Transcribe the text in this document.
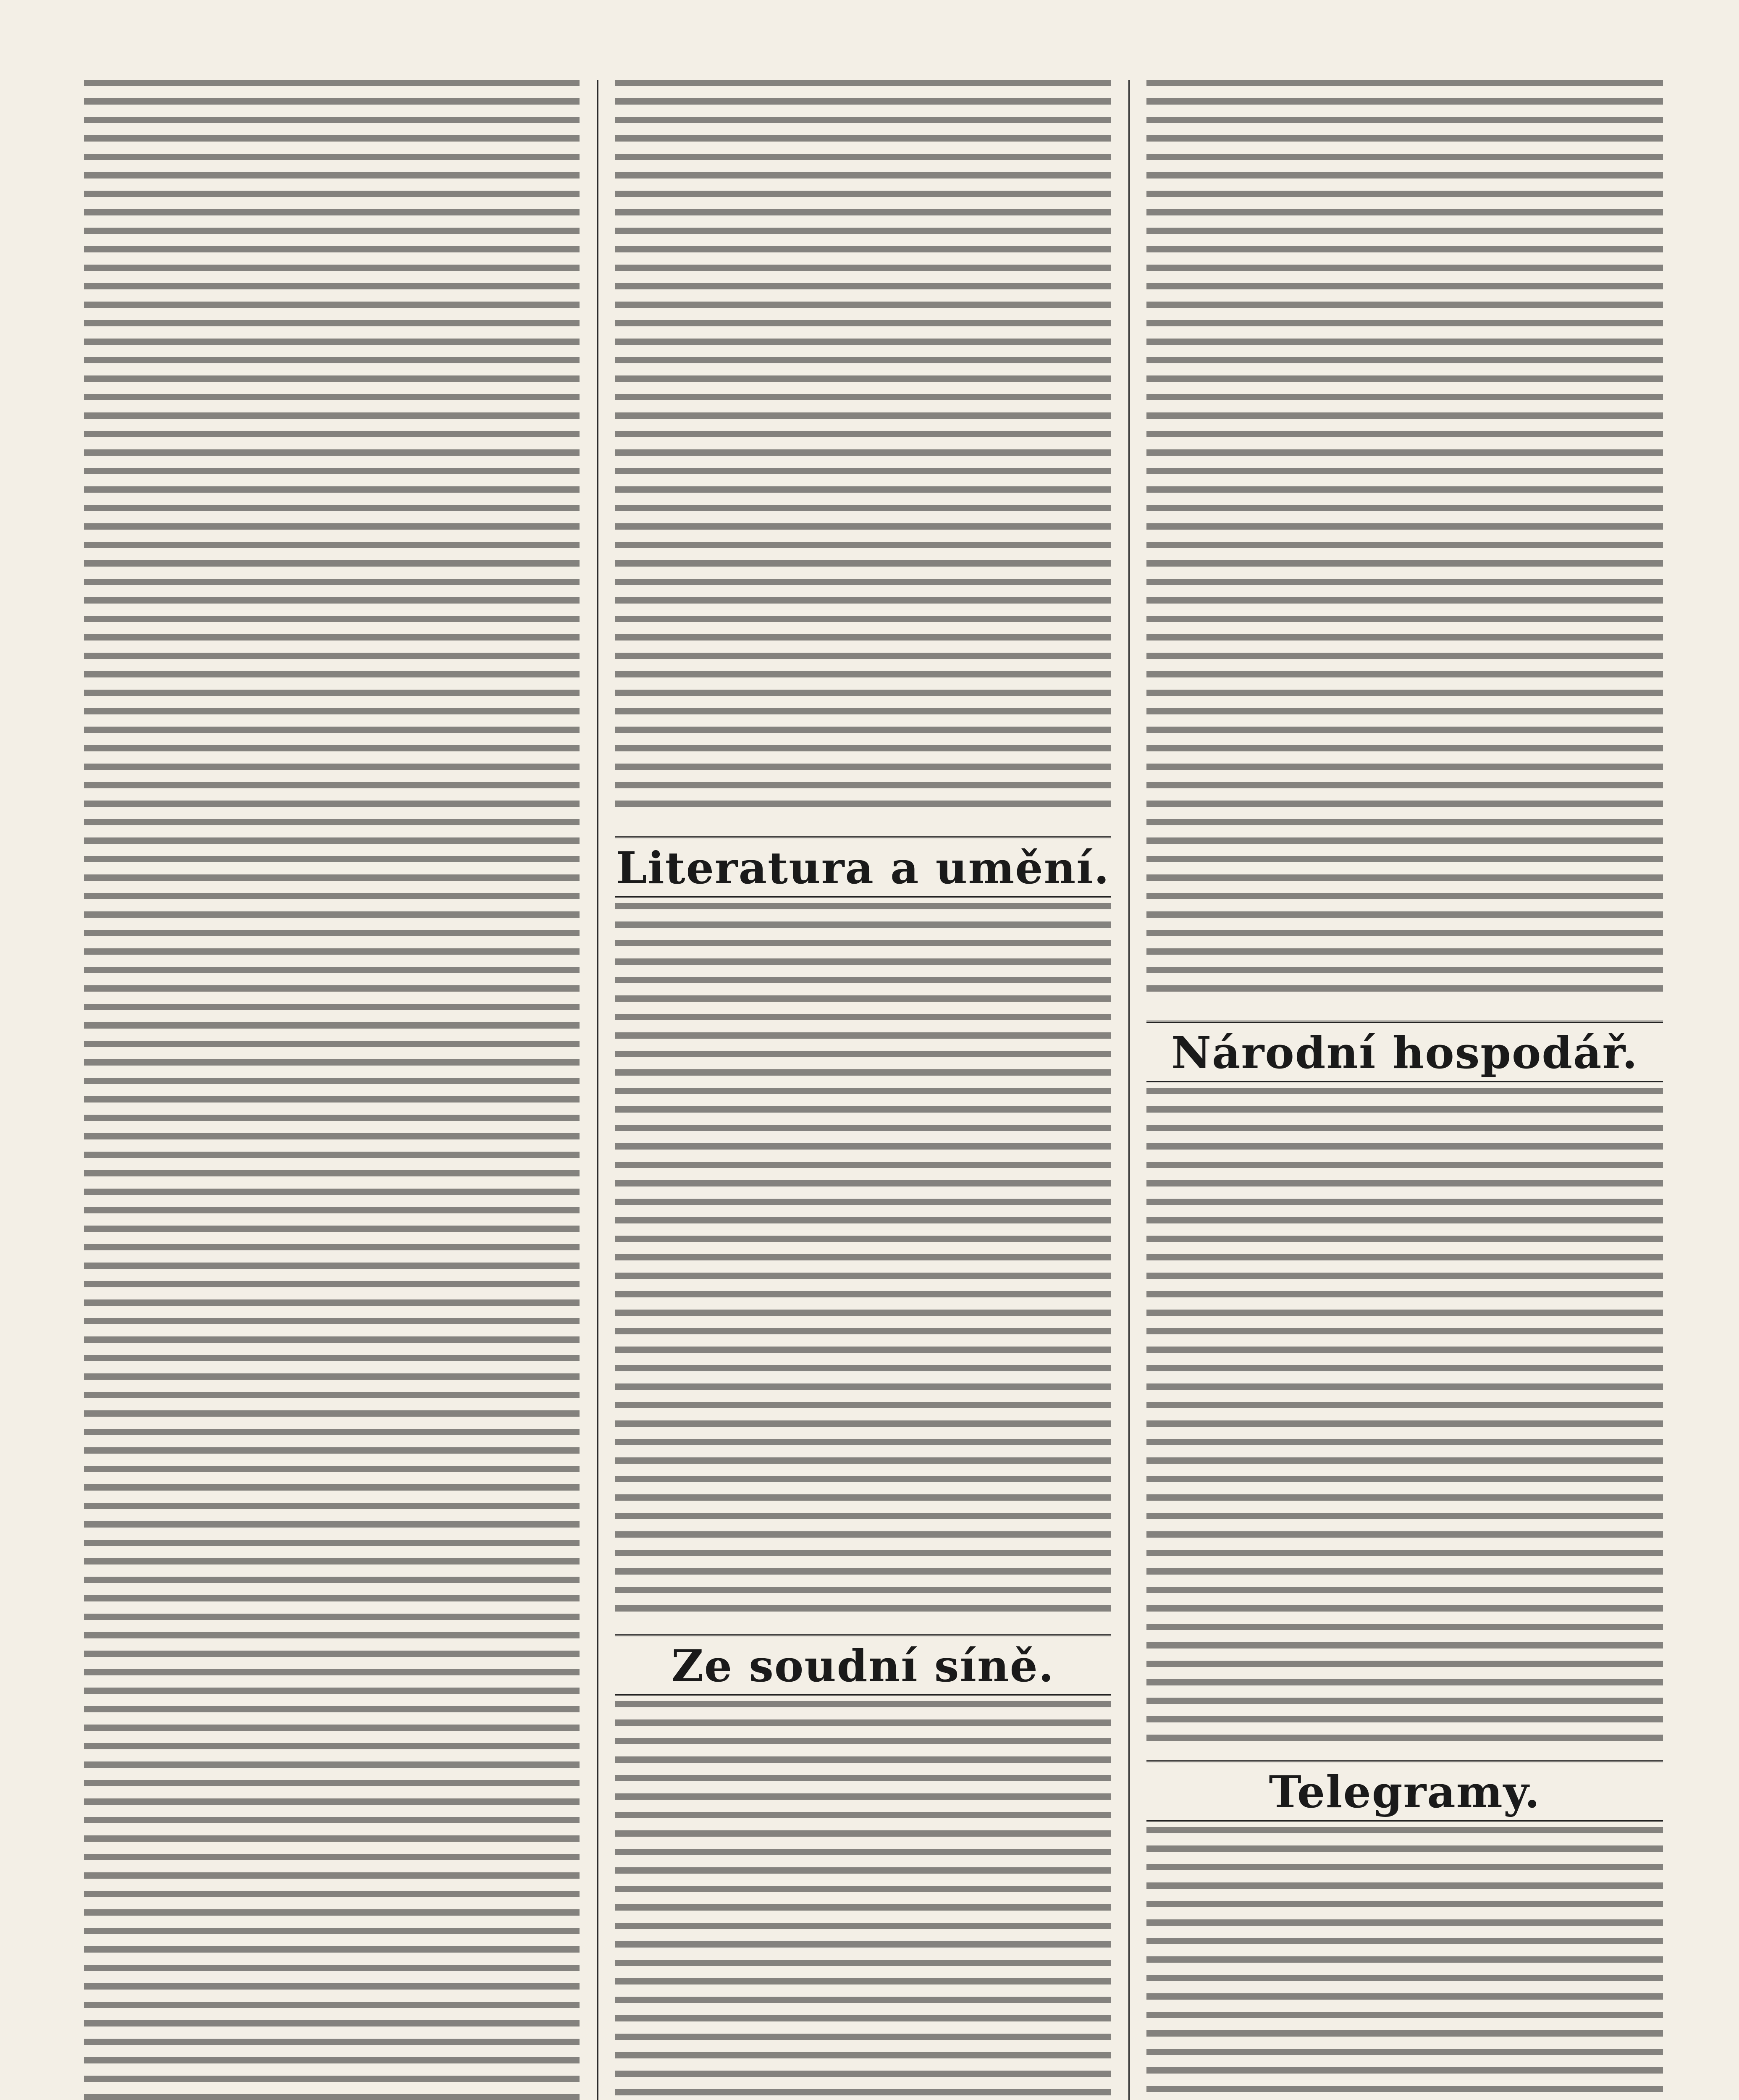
Literatura a umění.
Ze soudní síně.
Národní hospodář.
Telegramy.
